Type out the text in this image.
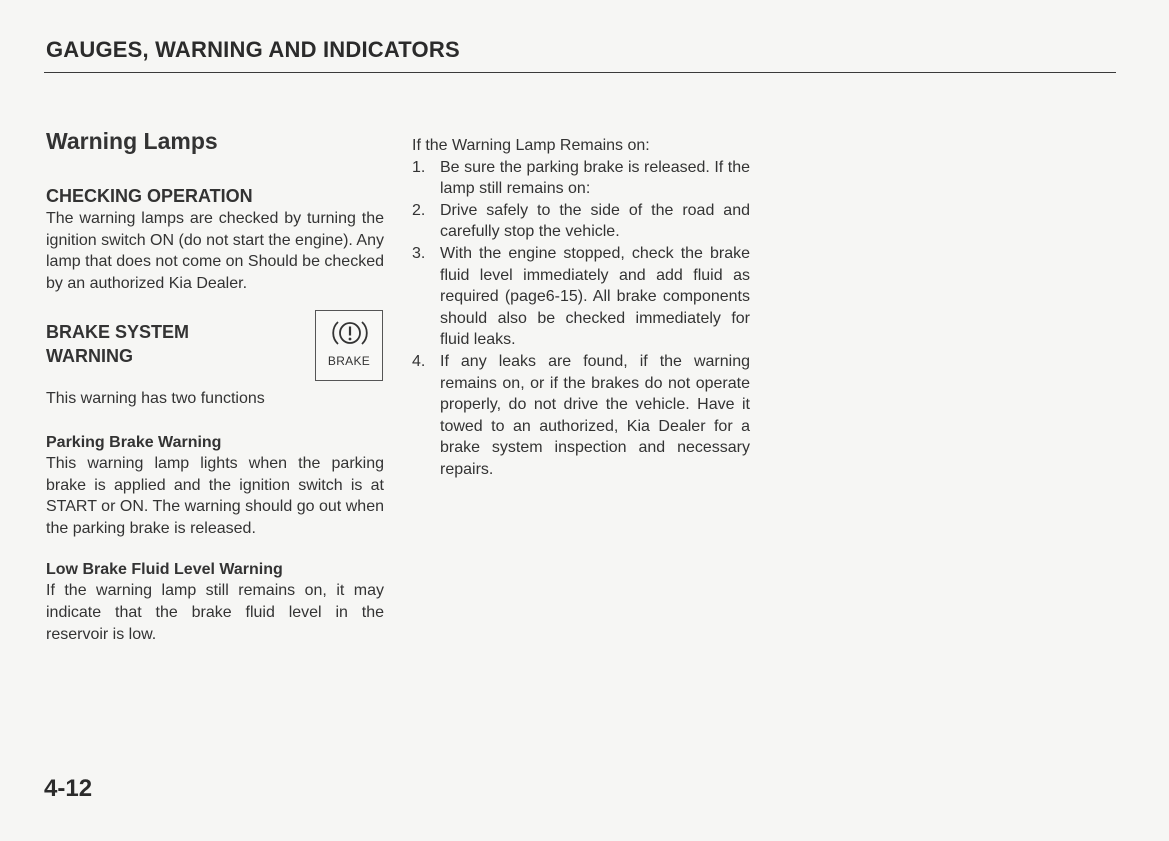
GAUGES, WARNING AND INDICATORS
Warning Lamps
CHECKING OPERATION

The warning lamps are checked by turning the ignition switch ON (do not start the engine). Any lamp that does not come on Should be checked by an authorized Kia Dealer.

BRAKE SYSTEM
WARNING	BRAKE

This warning has two functions

Parking Brake Warning

This warning lamp lights when the parking brake is applied and the ignition switch is at START or ON. The warning should go out when the parking brake is released.

Low Brake Fluid Level Warning

If the warning lamp still remains on, it may indicate that the brake fluid level in the reservoir is low.

If the Warning Lamp Remains on:

1. Be sure the parking brake is released. If the lamp still remains on:

2. Drive safely to the side of the road and carefully stop the vehicle.

3. With the engine stopped, check the brake fluid level immediately and add fluid as required (page6-15). All brake components should also be checked immediately for fluid leaks.

4. If any leaks are found, if the warning remains on, or if the brakes do not operate properly, do not drive the vehicle. Have it towed to an authorized, Kia Dealer for a brake system inspection and necessary repairs.

4-12
